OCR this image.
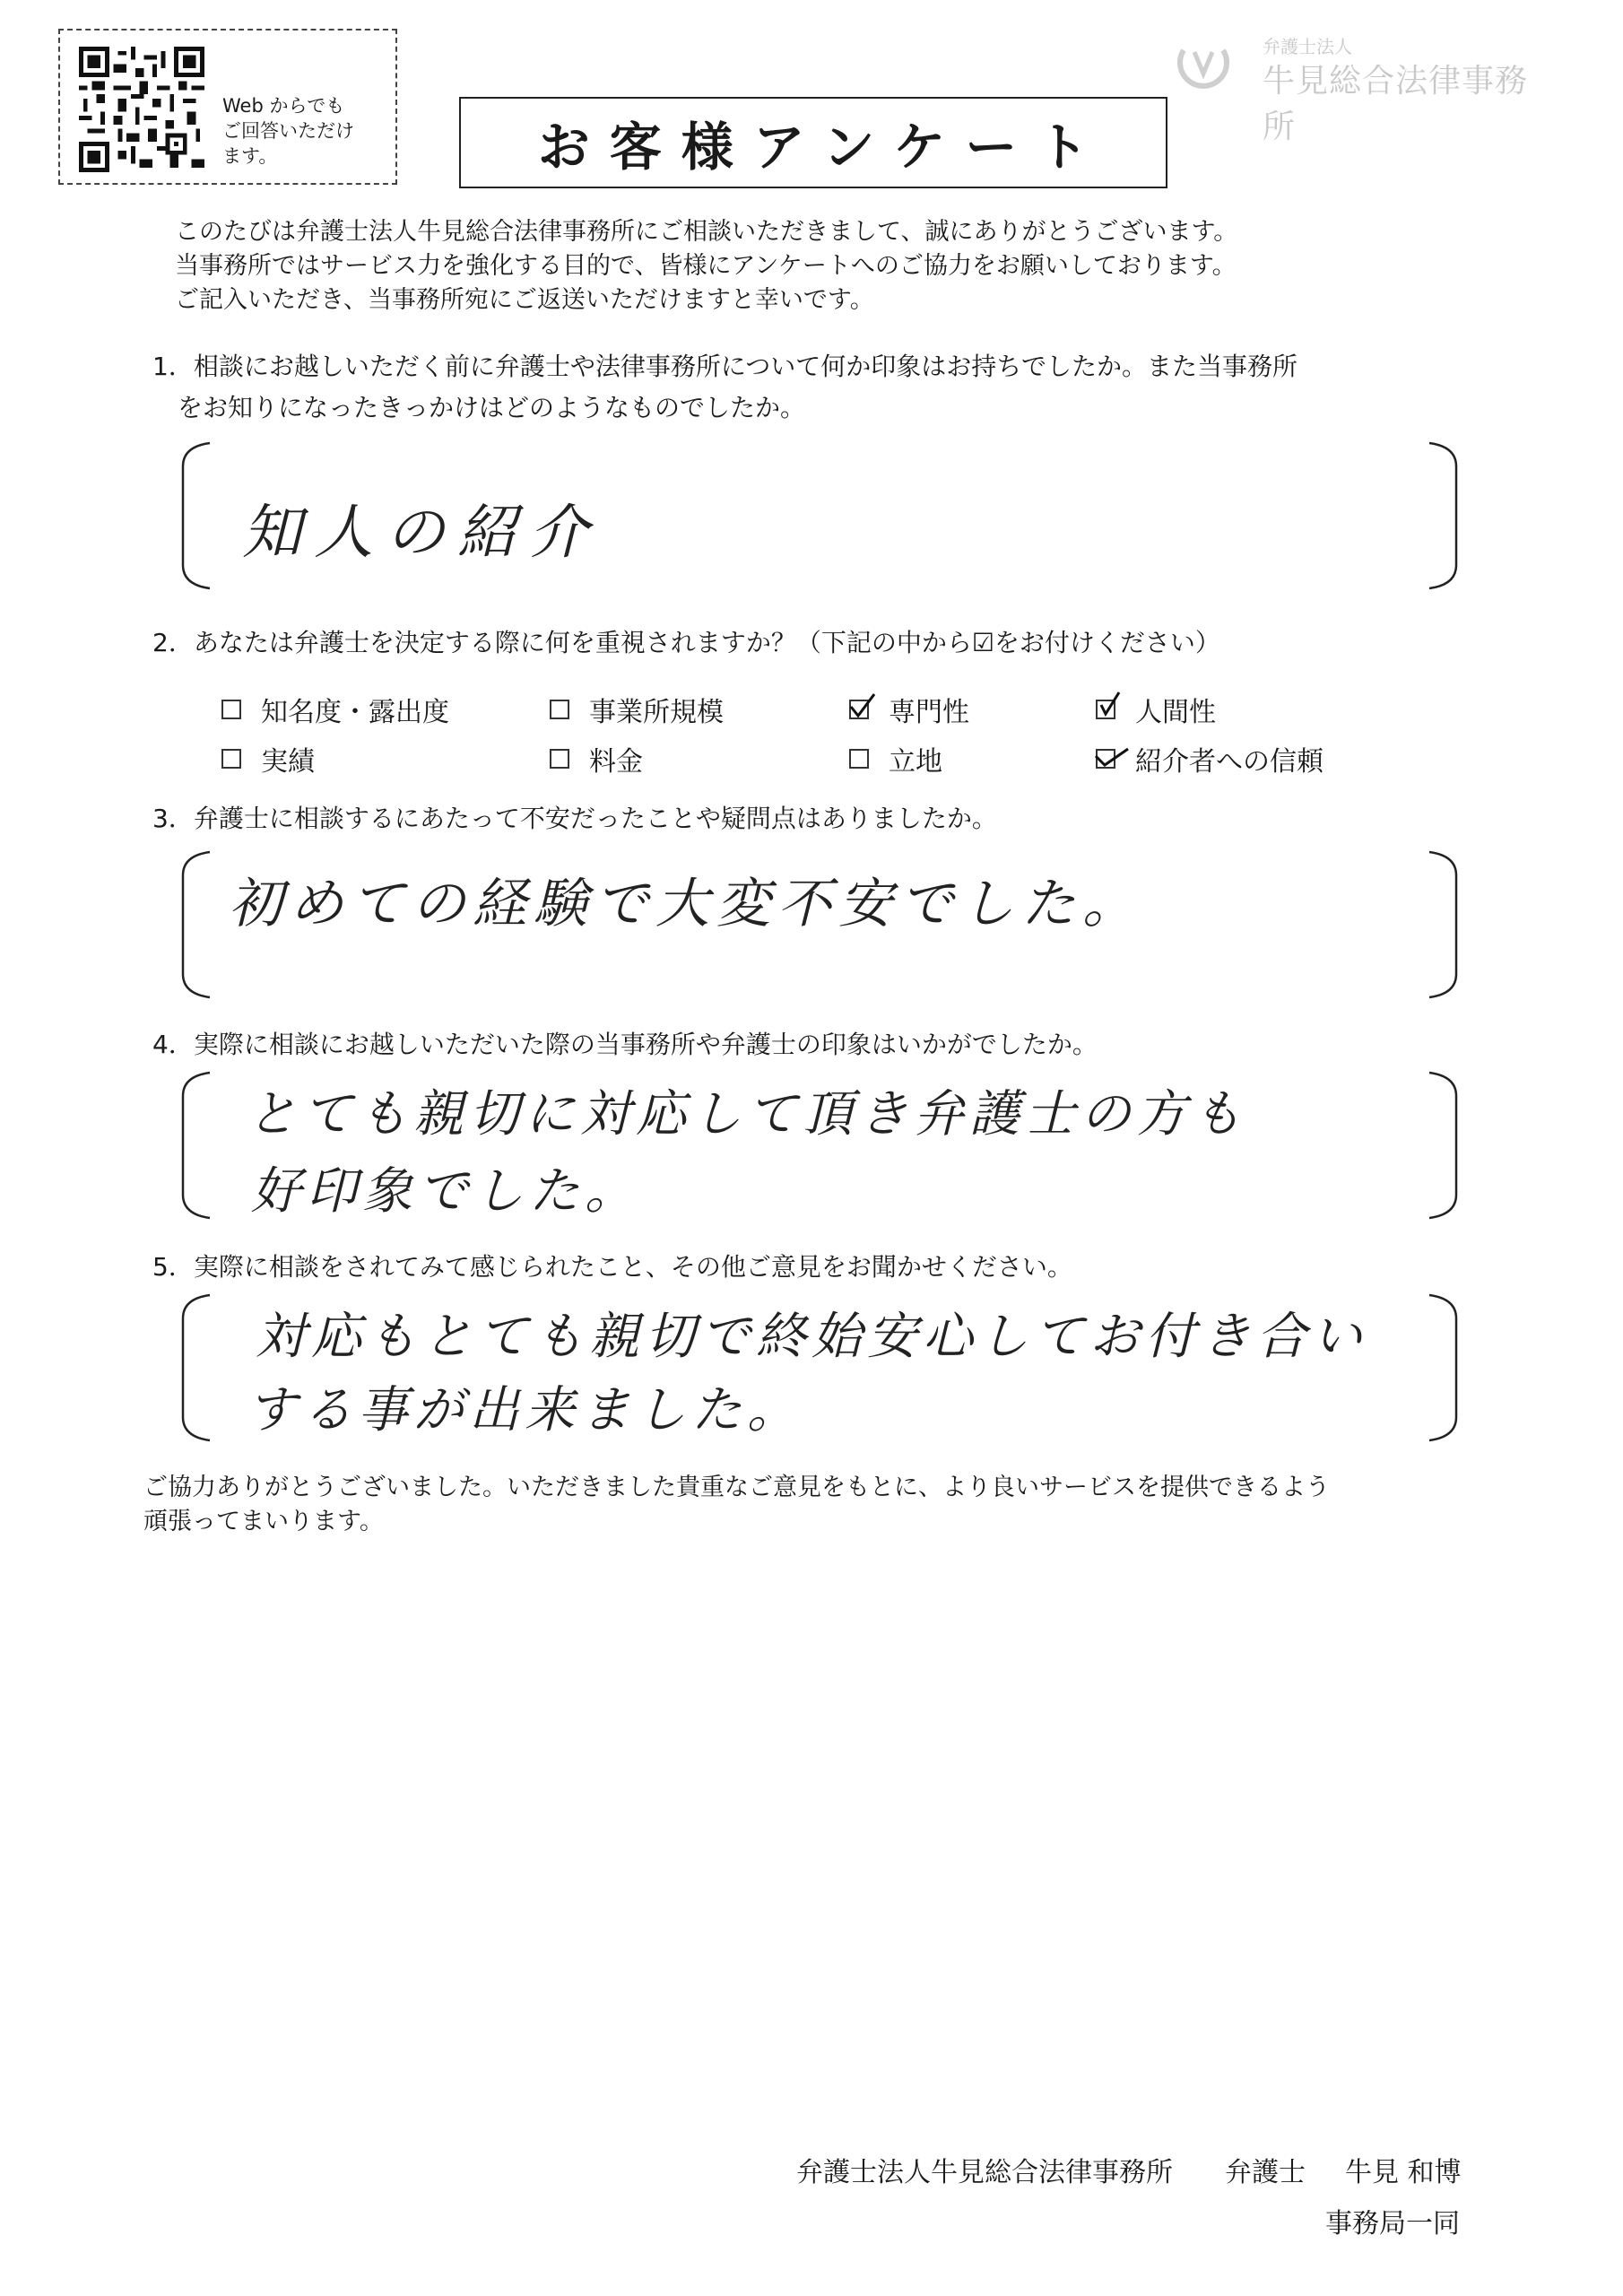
Web からでも
ご回答いただけ
ます。
弁護士法人
牛見総合法律事務所
お客様アンケート
このたびは弁護士法人牛見総合法律事務所にご相談いただきまして、誠にありがとうございます。
当事務所ではサービス力を強化する目的で、皆様にアンケートへのご協力をお願いしております。
ご記入いただき、当事務所宛にご返送いただけますと幸いです。
1．相談にお越しいただく前に弁護士や法律事務所について何か印象はお持ちでしたか。また当事務所
をお知りになったきっかけはどのようなものでしたか。
知人の紹介
2．あなたは弁護士を決定する際に何を重視されますか？（下記の中から☑をお付けください）
知名度・露出度	事業所規模	専門性	人間性
実績	料金	立地	紹介者への信頼
3．弁護士に相談するにあたって不安だったことや疑問点はありましたか。
初めての経験で大変不安でした。
4．実際に相談にお越しいただいた際の当事務所や弁護士の印象はいかがでしたか。
とても親切に対応して頂き弁護士の方も
好印象でした。
5．実際に相談をされてみて感じられたこと、その他ご意見をお聞かせください。
対応もとても親切で終始安心してお付き合い
する事が出来ました。
ご協力ありがとうございました。いただきました貴重なご意見をもとに、より良いサービスを提供できるよう
頑張ってまいります。
弁護士法人牛見総合法律事務所 弁護士 牛見 和博
事務局一同
